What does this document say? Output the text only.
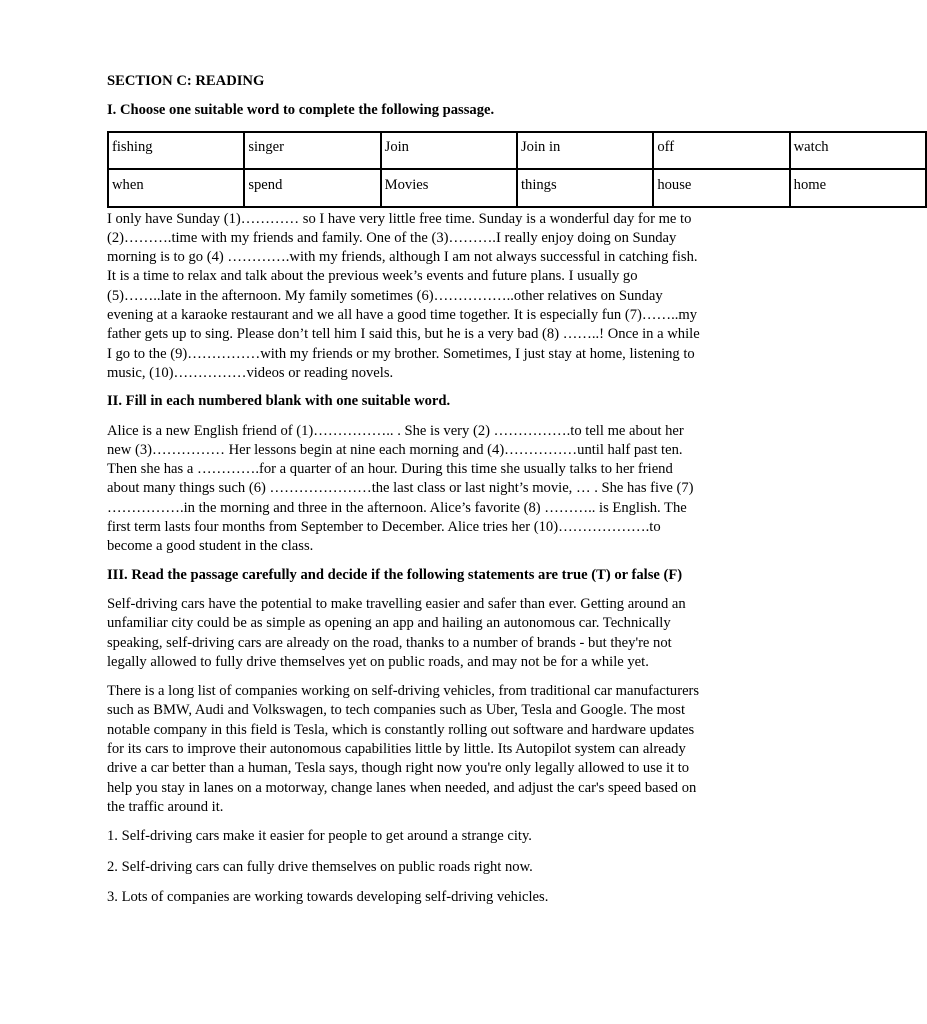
SECTION C: READING
I. Choose one suitable word to complete the following passage.
fishing	singer	Join	Join in	off	watch
when	spend	Movies	things	house	home

I only have Sunday (1)………… so I have very little free time. Sunday is a wonderful day for me to (2)……….time with my friends and family. One of the (3)……….I really enjoy doing on Sunday morning is to go (4) ………….with my friends, although I am not always successful in catching fish. It is a time to relax and talk about the previous week’s events and future plans. I usually go (5)……..late in the afternoon. My family sometimes (6)……………..other relatives on Sunday evening at a karaoke restaurant and we all have a good time together. It is especially fun (7)……..my father gets up to sing. Please don’t tell him I said this, but he is a very bad (8) ……..! Once in a while I go to the (9)……………with my friends or my brother. Sometimes, I just stay at home, listening to music, (10)……………videos or reading novels.

II. Fill in each numbered blank with one suitable word.

Alice is a new English friend of (1)…………….. . She is very (2) …………….to tell me about her new (3)…………… Her lessons begin at nine each morning and (4)……………until half past ten. Then she has a ………….for a quarter of an hour. During this time she usually talks to her friend about many things such (6) …………………the last class or last night’s movie, … . She has five (7) …………….in the morning and three in the afternoon. Alice’s favorite (8) ……….. is English. The first term lasts four months from September to December. Alice tries her (10)……………….to become a good student in the class.

III. Read the passage carefully and decide if the following statements are true (T) or false (F)

Self-driving cars have the potential to make travelling easier and safer than ever. Getting around an unfamiliar city could be as simple as opening an app and hailing an autonomous car. Technically speaking, self-driving cars are already on the road, thanks to a number of brands - but they're not legally allowed to fully drive themselves yet on public roads, and may not be for a while yet.

There is a long list of companies working on self-driving vehicles, from traditional car manufacturers such as BMW, Audi and Volkswagen, to tech companies such as Uber, Tesla and Google. The most notable company in this field is Tesla, which is constantly rolling out software and hardware updates for its cars to improve their autonomous capabilities little by little. Its Autopilot system can already drive a car better than a human, Tesla says, though right now you're only legally allowed to use it to help you stay in lanes on a motorway, change lanes when needed, and adjust the car's speed based on the traffic around it.

1. Self-driving cars make it easier for people to get around a strange city.
2. Self-driving cars can fully drive themselves on public roads right now.
3. Lots of companies are working towards developing self-driving vehicles.
